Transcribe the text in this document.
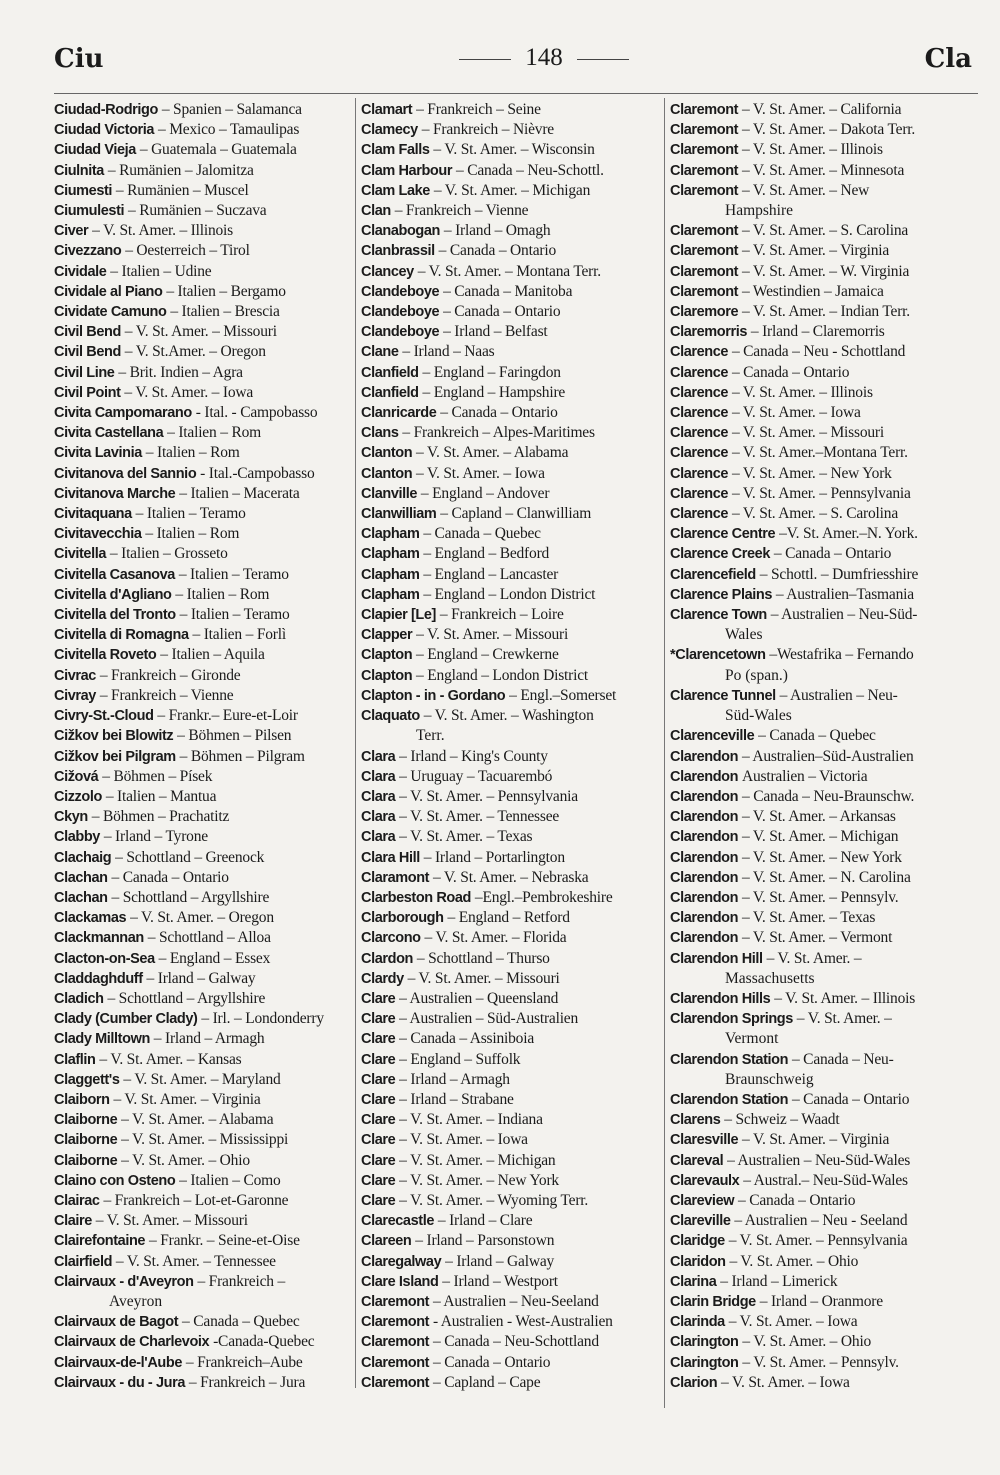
Ciu	148	Cla
Ciudad-Rodrigo – Spanien – Salamanca
Ciudad Victoria – Mexico – Tamaulipas
Ciudad Vieja – Guatemala – Guatemala
Ciulnita – Rumänien – Jalomitza
Ciumesti – Rumänien – Muscel
Ciumulesti – Rumänien – Suczava
Civer – V. St. Amer. – Illinois
Civezzano – Oesterreich – Tirol
Cividale – Italien – Udine
Cividale al Piano – Italien – Bergamo
Cividate Camuno – Italien – Brescia
Civil Bend – V. St. Amer. – Missouri
Civil Bend – V. St.Amer. – Oregon
Civil Line – Brit. Indien – Agra
Civil Point – V. St. Amer. – Iowa
Civita Campomarano - Ital. - Campobasso
Civita Castellana – Italien – Rom
Civita Lavinia – Italien – Rom
Civitanova del Sannio - Ital.-Campobasso
Civitanova Marche – Italien – Macerata
Civitaquana – Italien – Teramo
Civitavecchia – Italien – Rom
Civitella – Italien – Grosseto
Civitella Casanova – Italien – Teramo
Civitella d'Agliano – Italien – Rom
Civitella del Tronto – Italien – Teramo
Civitella di Romagna – Italien – Forlì
Civitella Roveto – Italien – Aquila
Civrac – Frankreich – Gironde
Civray – Frankreich – Vienne
Civry-St.-Cloud – Frankr.– Eure-et-Loir
Cižkov bei Blowitz – Böhmen – Pilsen
Cižkov bei Pilgram – Böhmen – Pilgram
Cižová – Böhmen – Písek
Cizzolo – Italien – Mantua
Ckyn – Böhmen – Prachatitz
Clabby – Irland – Tyrone
Clachaig – Schottland – Greenock
Clachan – Canada – Ontario
Clachan – Schottland – Argyllshire
Clackamas – V. St. Amer. – Oregon
Clackmannan – Schottland – Alloa
Clacton-on-Sea – England – Essex
Claddaghduff – Irland – Galway
Cladich – Schottland – Argyllshire
Clady (Cumber Clady) – Irl. – Londonderry
Clady Milltown – Irland – Armagh
Claflin – V. St. Amer. – Kansas
Claggett's – V. St. Amer. – Maryland
Claiborn – V. St. Amer. – Virginia
Claiborne – V. St. Amer. – Alabama
Claiborne – V. St. Amer. – Mississippi
Claiborne – V. St. Amer. – Ohio
Claino con Osteno – Italien – Como
Clairac – Frankreich – Lot-et-Garonne
Claire – V. St. Amer. – Missouri
Clairefontaine – Frankr. – Seine-et-Oise
Clairfield – V. St. Amer. – Tennessee
Clairvaux - d'Aveyron – Frankreich –
Aveyron
Clairvaux de Bagot – Canada – Quebec
Clairvaux de Charlevoix -Canada-Quebec
Clairvaux-de-l'Aube – Frankreich–Aube
Clairvaux - du - Jura – Frankreich – Jura
Clamart – Frankreich – Seine
Clamecy – Frankreich – Nièvre
Clam Falls – V. St. Amer. – Wisconsin
Clam Harbour – Canada – Neu-Schottl.
Clam Lake – V. St. Amer. – Michigan
Clan – Frankreich – Vienne
Clanabogan – Irland – Omagh
Clanbrassil – Canada – Ontario
Clancey – V. St. Amer. – Montana Terr.
Clandeboye – Canada – Manitoba
Clandeboye – Canada – Ontario
Clandeboye – Irland – Belfast
Clane – Irland – Naas
Clanfield – England – Faringdon
Clanfield – England – Hampshire
Clanricarde – Canada – Ontario
Clans – Frankreich – Alpes-Maritimes
Clanton – V. St. Amer. – Alabama
Clanton – V. St. Amer. – Iowa
Clanville – England – Andover
Clanwilliam – Capland – Clanwilliam
Clapham – Canada – Quebec
Clapham – England – Bedford
Clapham – England – Lancaster
Clapham – England – London District
Clapier [Le] – Frankreich – Loire
Clapper – V. St. Amer. – Missouri
Clapton – England – Crewkerne
Clapton – England – London District
Clapton - in - Gordano – Engl.–Somerset
Claquato – V. St. Amer. – Washington
Terr.
Clara – Irland – King's County
Clara – Uruguay – Tacuarembó
Clara – V. St. Amer. – Pennsylvania
Clara – V. St. Amer. – Tennessee
Clara – V. St. Amer. – Texas
Clara Hill – Irland – Portarlington
Claramont – V. St. Amer. – Nebraska
Clarbeston Road –Engl.–Pembrokeshire
Clarborough – England – Retford
Clarcono – V. St. Amer. – Florida
Clardon – Schottland – Thurso
Clardy – V. St. Amer. – Missouri
Clare – Australien – Queensland
Clare – Australien – Süd-Australien
Clare – Canada – Assiniboia
Clare – England – Suffolk
Clare – Irland – Armagh
Clare – Irland – Strabane
Clare – V. St. Amer. – Indiana
Clare – V. St. Amer. – Iowa
Clare – V. St. Amer. – Michigan
Clare – V. St. Amer. – New York
Clare – V. St. Amer. – Wyoming Terr.
Clarecastle – Irland – Clare
Clareen – Irland – Parsonstown
Claregalway – Irland – Galway
Clare Island – Irland – Westport
Claremont – Australien – Neu-Seeland
Claremont - Australien - West-Australien
Claremont – Canada – Neu-Schottland
Claremont – Canada – Ontario
Claremont – Capland – Cape
Claremont – V. St. Amer. – California
Claremont – V. St. Amer. – Dakota Terr.
Claremont – V. St. Amer. – Illinois
Claremont – V. St. Amer. – Minnesota
Claremont – V. St. Amer. – New
Hampshire
Claremont – V. St. Amer. – S. Carolina
Claremont – V. St. Amer. – Virginia
Claremont – V. St. Amer. – W. Virginia
Claremont – Westindien – Jamaica
Claremore – V. St. Amer. – Indian Terr.
Claremorris – Irland – Claremorris
Clarence – Canada – Neu - Schottland
Clarence – Canada – Ontario
Clarence – V. St. Amer. – Illinois
Clarence – V. St. Amer. – Iowa
Clarence – V. St. Amer. – Missouri
Clarence – V. St. Amer.–Montana Terr.
Clarence – V. St. Amer. – New York
Clarence – V. St. Amer. – Pennsylvania
Clarence – V. St. Amer. – S. Carolina
Clarence Centre –V. St. Amer.–N. York.
Clarence Creek – Canada – Ontario
Clarencefield – Schottl. – Dumfriesshire
Clarence Plains – Australien–Tasmania
Clarence Town – Australien – Neu-Süd-
Wales
*Clarencetown –Westafrika – Fernando
Po (span.)
Clarence Tunnel – Australien – Neu-
Süd-Wales
Clarenceville – Canada – Quebec
Clarendon – Australien–Süd-Australien
Clarendon Australien – Victoria
Clarendon – Canada – Neu-Braunschw.
Clarendon – V. St. Amer. – Arkansas
Clarendon – V. St. Amer. – Michigan
Clarendon – V. St. Amer. – New York
Clarendon – V. St. Amer. – N. Carolina
Clarendon – V. St. Amer. – Pennsylv.
Clarendon – V. St. Amer. – Texas
Clarendon – V. St. Amer. – Vermont
Clarendon Hill – V. St. Amer. –
Massachusetts
Clarendon Hills – V. St. Amer. – Illinois
Clarendon Springs – V. St. Amer. –
Vermont
Clarendon Station – Canada – Neu-
Braunschweig
Clarendon Station – Canada – Ontario
Clarens – Schweiz – Waadt
Claresville – V. St. Amer. – Virginia
Clareval – Australien – Neu-Süd-Wales
Clarevaulx – Austral.– Neu-Süd-Wales
Clareview – Canada – Ontario
Clareville – Australien – Neu - Seeland
Claridge – V. St. Amer. – Pennsylvania
Claridon – V. St. Amer. – Ohio
Clarina – Irland – Limerick
Clarin Bridge – Irland – Oranmore
Clarinda – V. St. Amer. – Iowa
Clarington – V. St. Amer. – Ohio
Clarington – V. St. Amer. – Pennsylv.
Clarion – V. St. Amer. – Iowa
